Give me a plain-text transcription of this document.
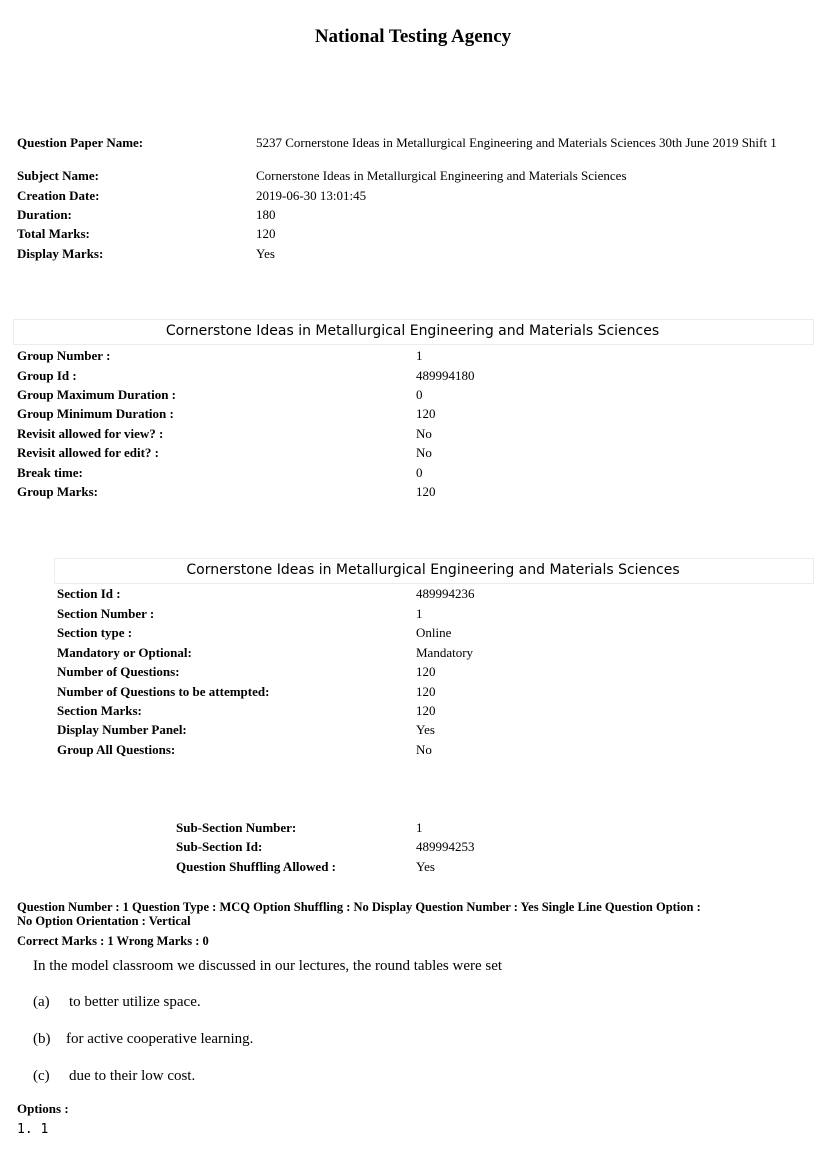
National Testing Agency
Question Paper Name:	5237 Cornerstone Ideas in Metallurgical Engineering and Materials Sciences 30th June 2019 Shift 1
Subject Name:	Cornerstone Ideas in Metallurgical Engineering and Materials Sciences
Creation Date:	2019-06-30 13:01:45
Duration:	180
Total Marks:	120
Display Marks:	Yes
Cornerstone Ideas in Metallurgical Engineering and Materials Sciences
Group Number :	1
Group Id :	489994180
Group Maximum Duration :	0
Group Minimum Duration :	120
Revisit allowed for view? :	No
Revisit allowed for edit? :	No
Break time:	0
Group Marks:	120
Cornerstone Ideas in Metallurgical Engineering and Materials Sciences
Section Id :	489994236
Section Number :	1
Section type :	Online
Mandatory or Optional:	Mandatory
Number of Questions:	120
Number of Questions to be attempted:	120
Section Marks:	120
Display Number Panel:	Yes
Group All Questions:	No
Sub-Section Number:	1
Sub-Section Id:	489994253
Question Shuffling Allowed :	Yes
Question Number : 1 Question Type : MCQ Option Shuffling : No Display Question Number : Yes Single Line Question Option :
No Option Orientation : Vertical
Correct Marks : 1 Wrong Marks : 0
In the model classroom we discussed in our lectures, the round tables were set
(a) to better utilize space.
(b) for active cooperative learning.
(c) due to their low cost.
Options :
1. 1
